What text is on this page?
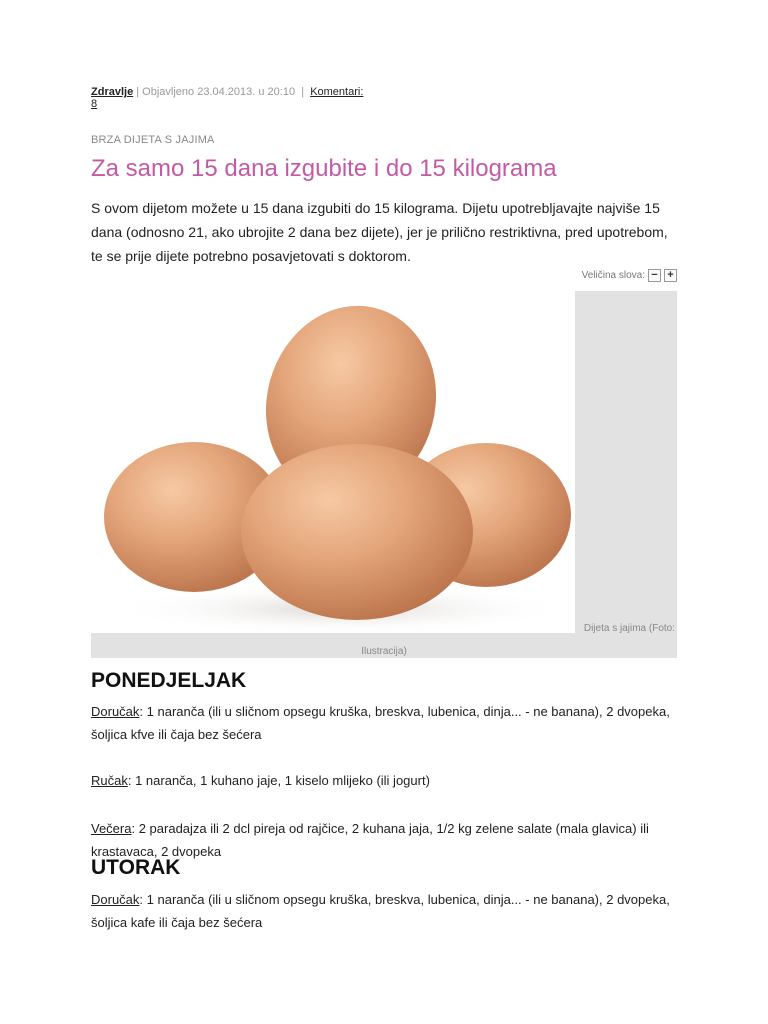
Zdravlje | Objavljeno 23.04.2013. u 20:10 | Komentari:
8
BRZA DIJETA S JAJIMA
Za samo 15 dana izgubite i do 15 kilograma

S ovom dijetom možete u 15 dana izgubiti do 15 kilograma. Dijetu upotrebljavajte najviše 15 dana (odnosno 21, ako ubrojite 2 dana bez dijete), jer je prilično restriktivna, pred upotrebom, te se prije dijete potrebno posavjetovati s doktorom.

Veličina slova: − +
Dijeta s jajima (Foto:
Ilustracija)
PONEDJELJAK

Doručak: 1 naranča (ili u sličnom opsegu kruška, breskva, lubenica, dinja... - ne banana), 2 dvopeka, šoljica kfve ili čaja bez šećera

Ručak: 1 naranča, 1 kuhano jaje, 1 kiselo mlijeko (ili jogurt)

Večera: 2 paradajza ili 2 dcl pireja od rajčice, 2 kuhana jaja, 1/2 kg zelene salate (mala glavica) ili krastavaca, 2 dvopeka

UTORAK

Doručak: 1 naranča (ili u sličnom opsegu kruška, breskva, lubenica, dinja... - ne banana), 2 dvopeka, šoljica kafe ili čaja bez šećera
